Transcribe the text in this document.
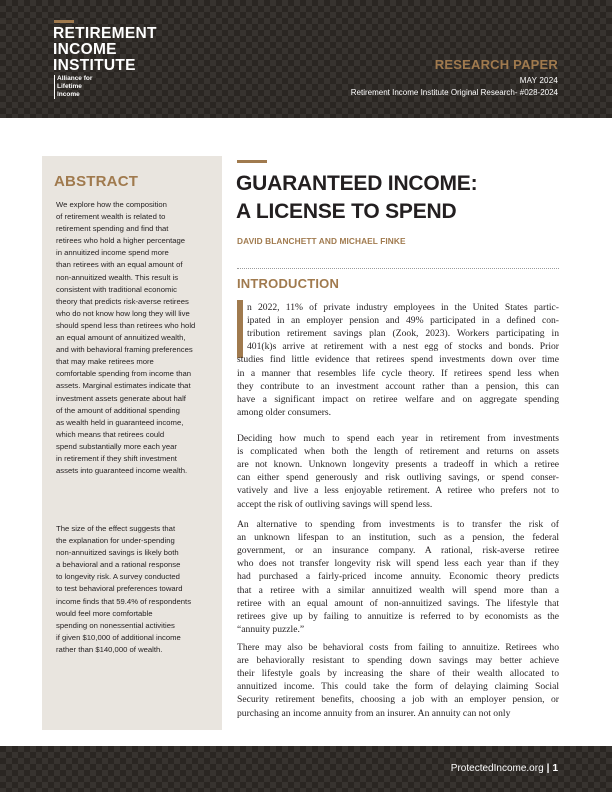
RETIREMENT
INCOME
INSTITUTE
Alliance for
Lifetime
Income
RESEARCH PAPER
MAY 2024
Retirement Income Institute Original Research- #028-2024
ABSTRACT
We explore how the composition
of retirement wealth is related to
retirement spending and find that
retirees who hold a higher percentage
in annuitized income spend more
than retirees with an equal amount of
non-annuitized wealth. This result is
consistent with traditional economic
theory that predicts risk-averse retirees
who do not know how long they will live
should spend less than retirees who hold
an equal amount of annuitized wealth,
and with behavioral framing preferences
that may make retirees more
comfortable spending from income than
assets. Marginal estimates indicate that
investment assets generate about half
of the amount of additional spending
as wealth held in guaranteed income,
which means that retirees could
spend substantially more each year
in retirement if they shift investment
assets into guaranteed income wealth.
The size of the effect suggests that
the explanation for under-spending
non-annuitized savings is likely both
a behavioral and a rational response
to longevity risk. A survey conducted
to test behavioral preferences toward
income finds that 59.4% of respondents
would feel more comfortable
spending on nonessential activities
if given $10,000 of additional income
rather than $140,000 of wealth.
GUARANTEED INCOME:
A LICENSE TO SPEND
DAVID BLANCHETT AND MICHAEL FINKE
INTRODUCTION
n 2022, 11% of private industry employees in the United States partic-
ipated in an employer pension and 49% participated in a defined con-
tribution retirement savings plan (Zook, 2023). Workers participating in
401(k)s arrive at retirement with a nest egg of stocks and bonds. Prior
studies find little evidence that retirees spend investments down over time
in a manner that resembles life cycle theory. If retirees spend less when
they contribute to an investment account rather than a pension, this can
have a significant impact on retiree welfare and on aggregate spending
among older consumers.
Deciding how much to spend each year in retirement from investments
is complicated when both the length of retirement and returns on assets
are not known. Unknown longevity presents a tradeoff in which a retiree
can either spend generously and risk outliving savings, or spend conser-
vatively and live a less enjoyable retirement. A retiree who prefers not to
accept the risk of outliving savings will spend less.
An alternative to spending from investments is to transfer the risk of
an unknown lifespan to an institution, such as a pension, the federal
government, or an insurance company. A rational, risk-averse retiree
who does not transfer longevity risk will spend less each year than if they
had purchased a fairly-priced income annuity. Economic theory predicts
that a retiree with a similar annuitized wealth will spend more than a
retiree with an equal amount of non-annuitized savings. The lifestyle that
retirees give up by failing to annuitize is referred to by economists as the
“annuity puzzle.”
There may also be behavioral costs from failing to annuitize. Retirees who
are behaviorally resistant to spending down savings may better achieve
their lifestyle goals by increasing the share of their wealth allocated to
annuitized income. This could take the form of delaying claiming Social
Security retirement benefits, choosing a job with an employer pension, or
purchasing an income annuity from an insurer. An annuity can not only
ProtectedIncome.org | 1
